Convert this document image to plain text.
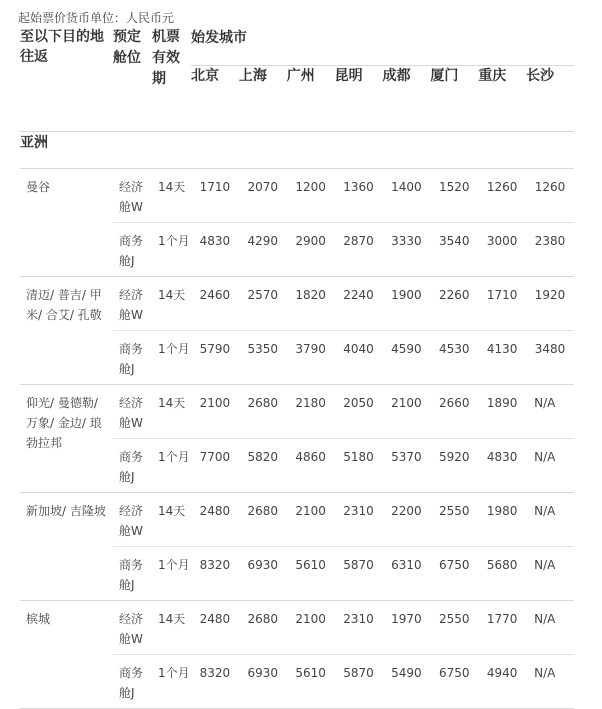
起始票价货币单位：人民币元
至以下目的地往返	预定舱位	机票有效期	始发城市							
			北京	上海	广州	昆明	成都	厦门	重庆	长沙
亚洲										
曼谷	经济舱W	14天	1710	2070	1200	1360	1400	1520	1260	1260
	商务舱J	1个月	4830	4290	2900	2870	3330	3540	3000	2380
清迈/ 普吉/ 甲米/ 合艾/ 孔敬	经济舱W	14天	2460	2570	1820	2240	1900	2260	1710	1920
	商务舱J	1个月	5790	5350	3790	4040	4590	4530	4130	3480
仰光/ 曼德勒/ 万象/ 金边/ 琅勃拉邦	经济舱W	14天	2100	2680	2180	2050	2100	2660	1890	N/A
	商务舱J	1个月	7700	5820	4860	5180	5370	5920	4830	N/A
新加坡/ 吉隆坡	经济舱W	14天	2480	2680	2100	2310	2200	2550	1980	N/A
	商务舱J	1个月	8320	6930	5610	5870	6310	6750	5680	N/A
槟城	经济舱W	14天	2480	2680	2100	2310	1970	2550	1770	N/A
	商务舱J	1个月	8320	6930	5610	5870	5490	6750	4940	N/A
